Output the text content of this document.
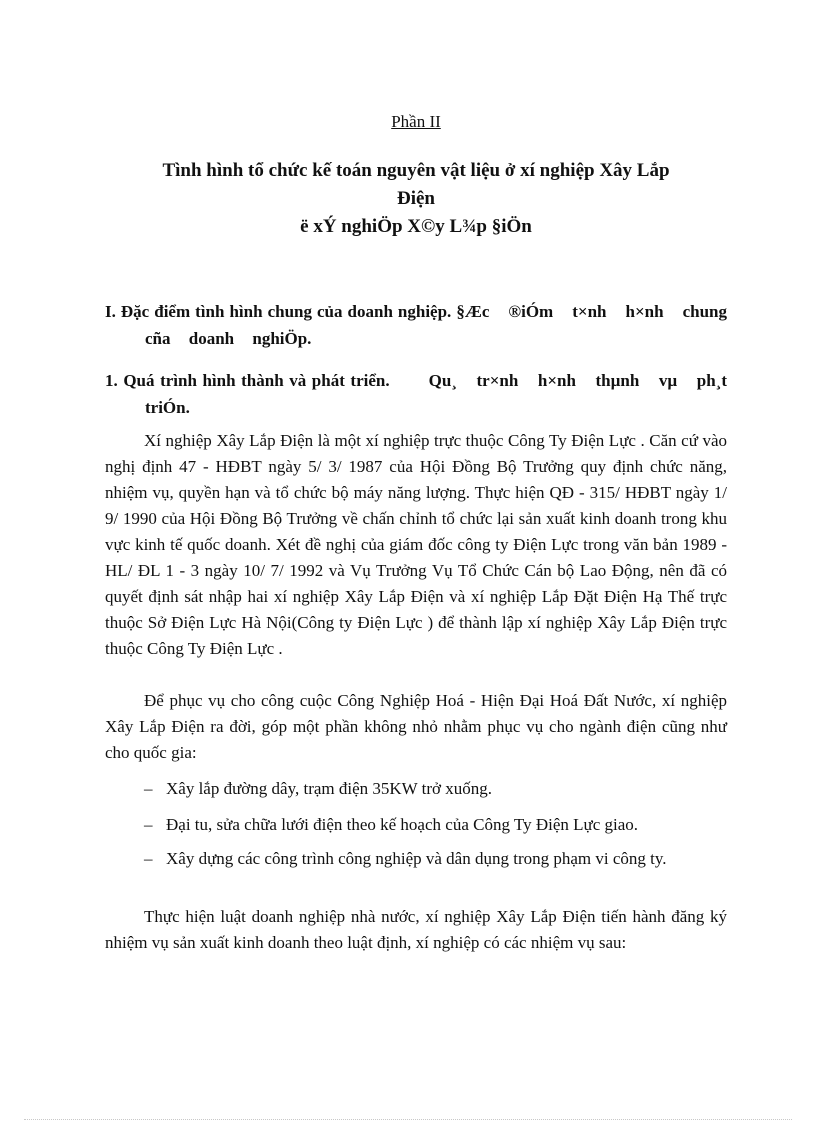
Phần II
Tình hình tổ chức kế toán nguyên vật liệu ở xí nghiệp Xây Lắp
Điện
ë xÝ nghiÖp X©y L¾p §iÖn
I. Đặc điểm tình hình chung của doanh nghiệp. §Æc ®iÓm t×nh h×nh chung cña doanh nghiÖp.
1. Quá trình hình thành và phát triển. Qu¸ tr×nh h×nh thµnh vµ ph¸t triÓn.
Xí nghiệp Xây Lắp Điện là một xí nghiệp trực thuộc Công Ty Điện Lực . Căn cứ vào nghị định 47 - HĐBT ngày 5/ 3/ 1987 của Hội Đồng Bộ Trưởng quy định chức năng, nhiệm vụ, quyền hạn và tổ chức bộ máy năng lượng. Thực hiện QĐ - 315/ HĐBT ngày 1/ 9/ 1990 của Hội Đồng Bộ Trưởng về chấn chỉnh tổ chức lại sản xuất kinh doanh trong khu vực kinh tế quốc doanh. Xét đề nghị của giám đốc công ty Điện Lực trong văn bản 1989 - HL/ ĐL 1 - 3 ngày 10/ 7/ 1992 và Vụ Trưởng Vụ Tổ Chức Cán bộ Lao Động, nên đã có quyết định sát nhập hai xí nghiệp Xây Lắp Điện và xí nghiệp Lắp Đặt Điện Hạ Thế trực thuộc Sở Điện Lực Hà Nội(Công ty Điện Lực ) để thành lập xí nghiệp Xây Lắp Điện trực thuộc Công Ty Điện Lực .
Để phục vụ cho công cuộc Công Nghiệp Hoá - Hiện Đại Hoá Đất Nước, xí nghiệp Xây Lắp Điện ra đời, góp một phần không nhỏ nhằm phục vụ cho ngành điện cũng như cho quốc gia:
– Xây lắp đường dây, trạm điện 35KW trở xuống.
– Đại tu, sửa chữa lưới điện theo kế hoạch của Công Ty Điện Lực giao.
– Xây dựng các công trình công nghiệp và dân dụng trong phạm vi công ty.
Thực hiện luật doanh nghiệp nhà nước, xí nghiệp Xây Lắp Điện tiến hành đăng ký nhiệm vụ sản xuất kinh doanh theo luật định, xí nghiệp có các nhiệm vụ sau:
